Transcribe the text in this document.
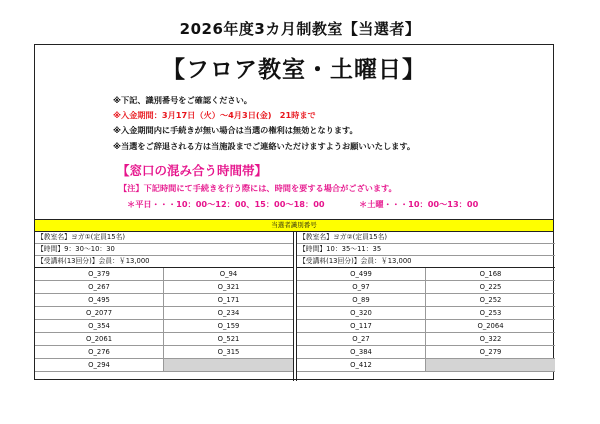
2026年度3カ月制教室【当選者】
【フロア教室・土曜日】
※下記、識別番号をご確認ください。
※入金期間：3月17日（火）～4月3日(金)　21時まで
※入金期間内に手続きが無い場合は当選の権利は無効となります。
※当選をご辞退される方は当施設までご連絡いただけますようお願いいたします。
【窓口の混み合う時間帯】
【注】下記時間にて手続きを行う際には、時間を要する場合がございます。
＊平日・・・10：00～12：00、15：00～18：00	＊土曜・・・10：00～13：00
当選者識別番号
【教室名】ヨガ①(定員15名)
【時間】9：30～10：30
【受講料(13回分)】会員：￥13,000
O_379	O_94
O_267	O_321
O_495	O_171
O_2077	O_234
O_354	O_159
O_2061	O_521
O_276	O_315
O_294
【教室名】ヨガ②(定員15名)
【時間】10：35～11：35
【受講料(13回分)】会員：￥13,000
O_499	O_168
O_97	O_225
O_89	O_252
O_320	O_253
O_117	O_2064
O_27	O_322
O_384	O_279
O_412
